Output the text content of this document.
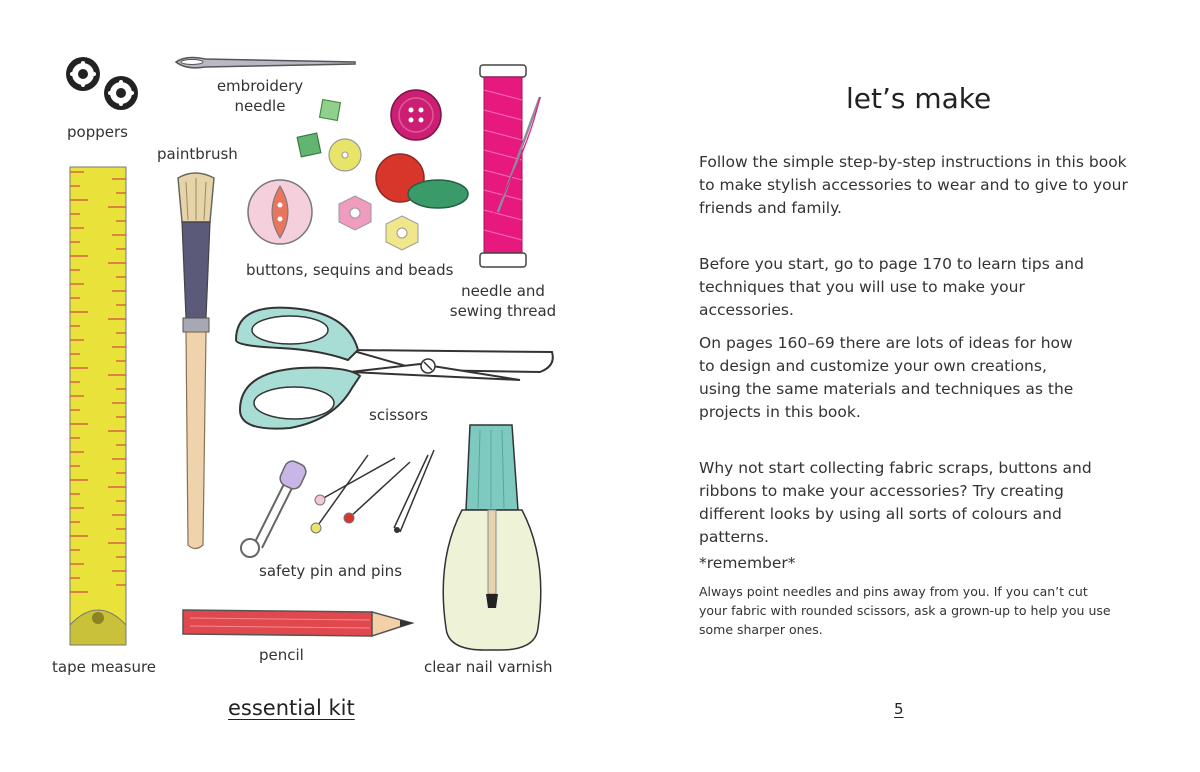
poppers
embroidery needle
paintbrush
buttons, sequins and beads
needle and sewing thread
scissors
safety pin and pins
tape measure
pencil
clear nail varnish
essential kit
let’s make

Follow the simple step-by-step instructions in this book to make stylish accessories to wear and to give to your friends and family.

Before you start, go to page 170 to learn tips and techniques that you will use to make your accessories.

On pages 160–69 there are lots of ideas for how to design and customize your own creations, using the same materials and techniques as the projects in this book.

Why not start collecting fabric scraps, buttons and ribbons to make your accessories? Try creating different looks by using all sorts of colours and patterns.

*remember*

Always point needles and pins away from you. If you can’t cut your fabric with rounded scissors, ask a grown-up to help you use some sharper ones.

5
